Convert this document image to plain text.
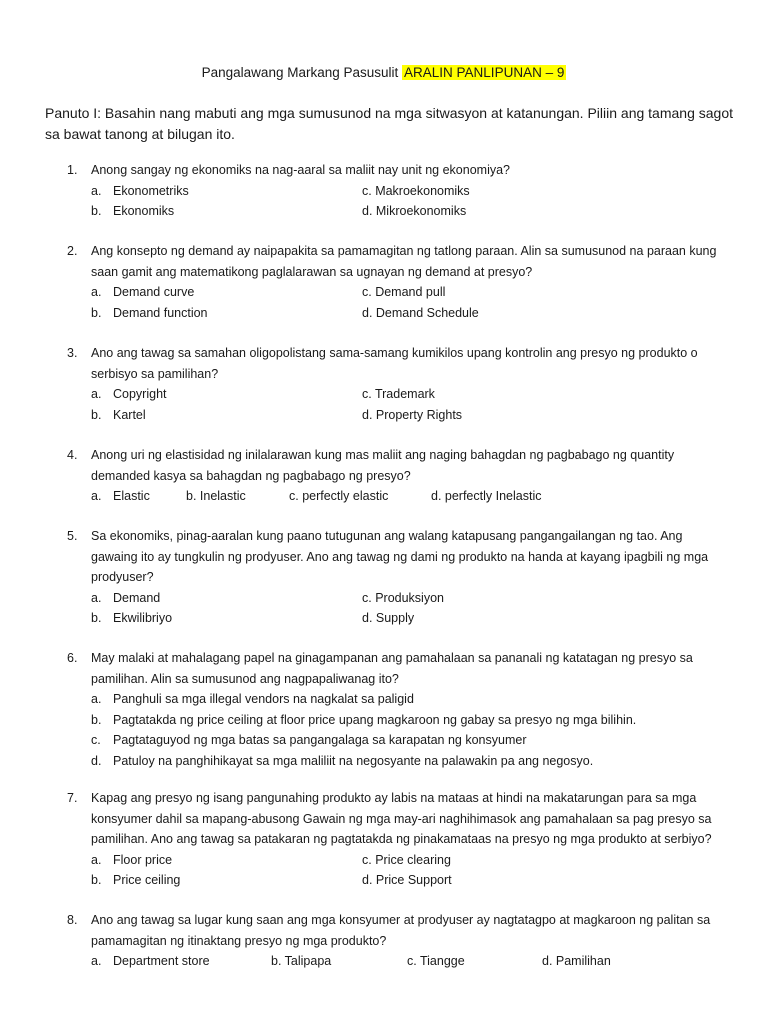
Pangalawang Markang Pasusulit ARALIN PANLIPUNAN – 9
Panuto I: Basahin nang mabuti ang mga sumusunod na mga sitwasyon at katanungan. Piliin ang tamang sagot sa bawat tanong at bilugan ito.
1.	Anong sangay ng ekonomiks na nag-aaral sa maliit nay unit ng ekonomiya?
a. Ekonometriks	c. Makroekonomiks
b. Ekonomiks	d. Mikroekonomiks
2.	Ang konsepto ng demand ay naipapakita sa pamamagitan ng tatlong paraan. Alin sa sumusunod na paraan kung saan gamit ang matematikong paglalarawan sa ugnayan ng demand at presyo?
a. Demand curve	c. Demand pull
b. Demand function	d. Demand Schedule
3.	Ano ang tawag sa samahan oligopolistang sama-samang kumikilos upang kontrolin ang presyo ng produkto o serbisyo sa pamilihan?
a. Copyright	c. Trademark
b. Kartel	d. Property Rights
4.	Anong uri ng elastisidad ng inilalarawan kung mas maliit ang naging bahagdan ng pagbabago ng quantity demanded kasya sa bahagdan ng pagbabago ng presyo?
a. Elastic	b. Inelastic	c. perfectly elastic	d. perfectly Inelastic
5.	Sa ekonomiks, pinag-aaralan kung paano tutugunan ang walang katapusang pangangailangan ng tao. Ang gawaing ito ay tungkulin ng prodyuser. Ano ang tawag ng dami ng produkto na handa at kayang ipagbili ng mga prodyuser?
a. Demand	c. Produksiyon
b. Ekwilibriyo	d. Supply
6.	May malaki at mahalagang papel na ginagampanan ang pamahalaan sa pananali ng katatagan ng presyo sa pamilihan. Alin sa sumusunod ang nagpapaliwanag ito?
a. Panghuli sa mga illegal vendors na nagkalat sa paligid
b. Pagtatakda ng price ceiling at floor price upang magkaroon ng gabay sa presyo ng mga bilihin.
c. Pagtataguyod ng mga batas sa pangangalaga sa karapatan ng konsyumer
d. Patuloy na panghihikayat sa mga maliliit na negosyante na palawakin pa ang negosyo.
7.	Kapag ang presyo ng isang pangunahing produkto ay labis na mataas at hindi na makatarungan para sa mga konsyumer dahil sa mapang-abusong Gawain ng mga may-ari naghihimasok ang pamahalaan sa pag presyo sa pamilihan. Ano ang tawag sa patakaran ng pagtatakda ng pinakamataas na presyo ng mga produkto at serbiyo?
a. Floor price	c. Price clearing
b. Price ceiling	d. Price Support
8.	Ano ang tawag sa lugar kung saan ang mga konsyumer at prodyuser ay nagtatagpo at magkaroon ng palitan sa pamamagitan ng itinaktang presyo ng mga produkto?
a. Department store	b. Talipapa	c. Tiangge	d. Pamilihan
